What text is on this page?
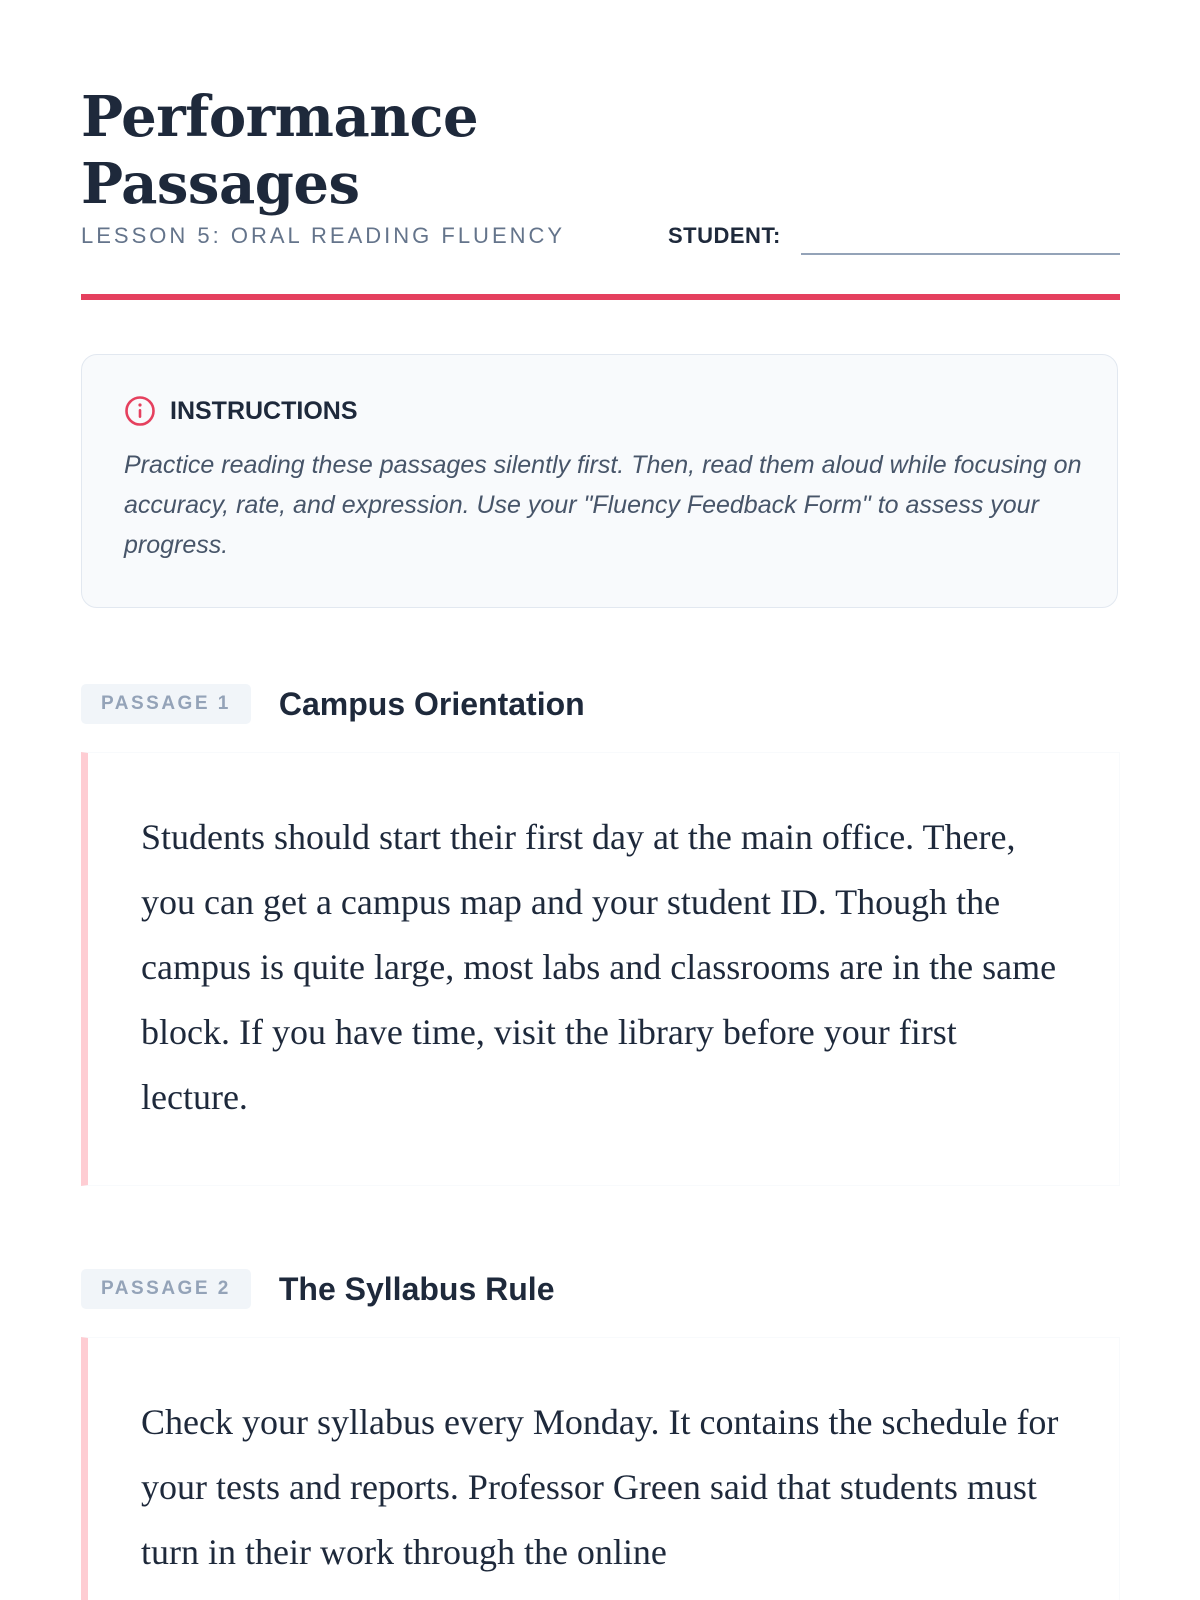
Performance
Passages
LESSON 5: ORAL READING FLUENCY	STUDENT:
INSTRUCTIONS
Practice reading these passages silently first. Then, read them aloud while focusing on accuracy, rate, and expression. Use your "Fluency Feedback Form" to assess your progress.
PASSAGE 1	Campus Orientation

Students should start their first day at the main office. There, you can get a campus map and your student ID. Though the campus is quite large, most labs and classrooms are in the same block. If you have time, visit the library before your first lecture.

PASSAGE 2	The Syllabus Rule

Check your syllabus every Monday. It contains the schedule for your tests and reports. Professor Green said that students must turn in their work through the online
